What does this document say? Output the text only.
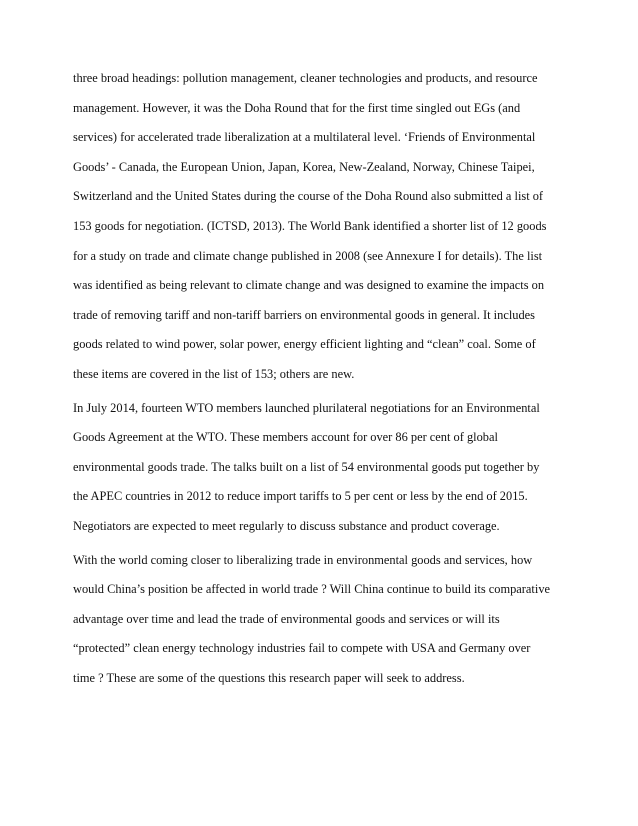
three broad headings: pollution management, cleaner technologies and products, and resource
management. However, it was the Doha Round that for the first time singled out EGs (and
services) for accelerated trade liberalization at a multilateral level. ‘Friends of Environmental
Goods’ - Canada, the European Union, Japan, Korea, New-Zealand, Norway, Chinese Taipei,
Switzerland and the United States during the course of the Doha Round also submitted a list of
153 goods for negotiation. (ICTSD, 2013). The World Bank identified a shorter list of 12 goods
for a study on trade and climate change published in 2008 (see Annexure I for details). The list
was identified as being relevant to climate change and was designed to examine the impacts on
trade of removing tariff and non-tariff barriers on environmental goods in general. It includes
goods related to wind power, solar power, energy efficient lighting and “clean” coal. Some of
these items are covered in the list of 153; others are new.

In July 2014, fourteen WTO members launched plurilateral negotiations for an Environmental
Goods Agreement at the WTO. These members account for over 86 per cent of global
environmental goods trade. The talks built on a list of 54 environmental goods put together by
the APEC countries in 2012 to reduce import tariffs to 5 per cent or less by the end of 2015.
Negotiators are expected to meet regularly to discuss substance and product coverage.

With the world coming closer to liberalizing trade in environmental goods and services, how
would China’s position be affected in world trade ? Will China continue to build its comparative
advantage over time and lead the trade of environmental goods and services or will its
“protected” clean energy technology industries fail to compete with USA and Germany over
time ? These are some of the questions this research paper will seek to address.
